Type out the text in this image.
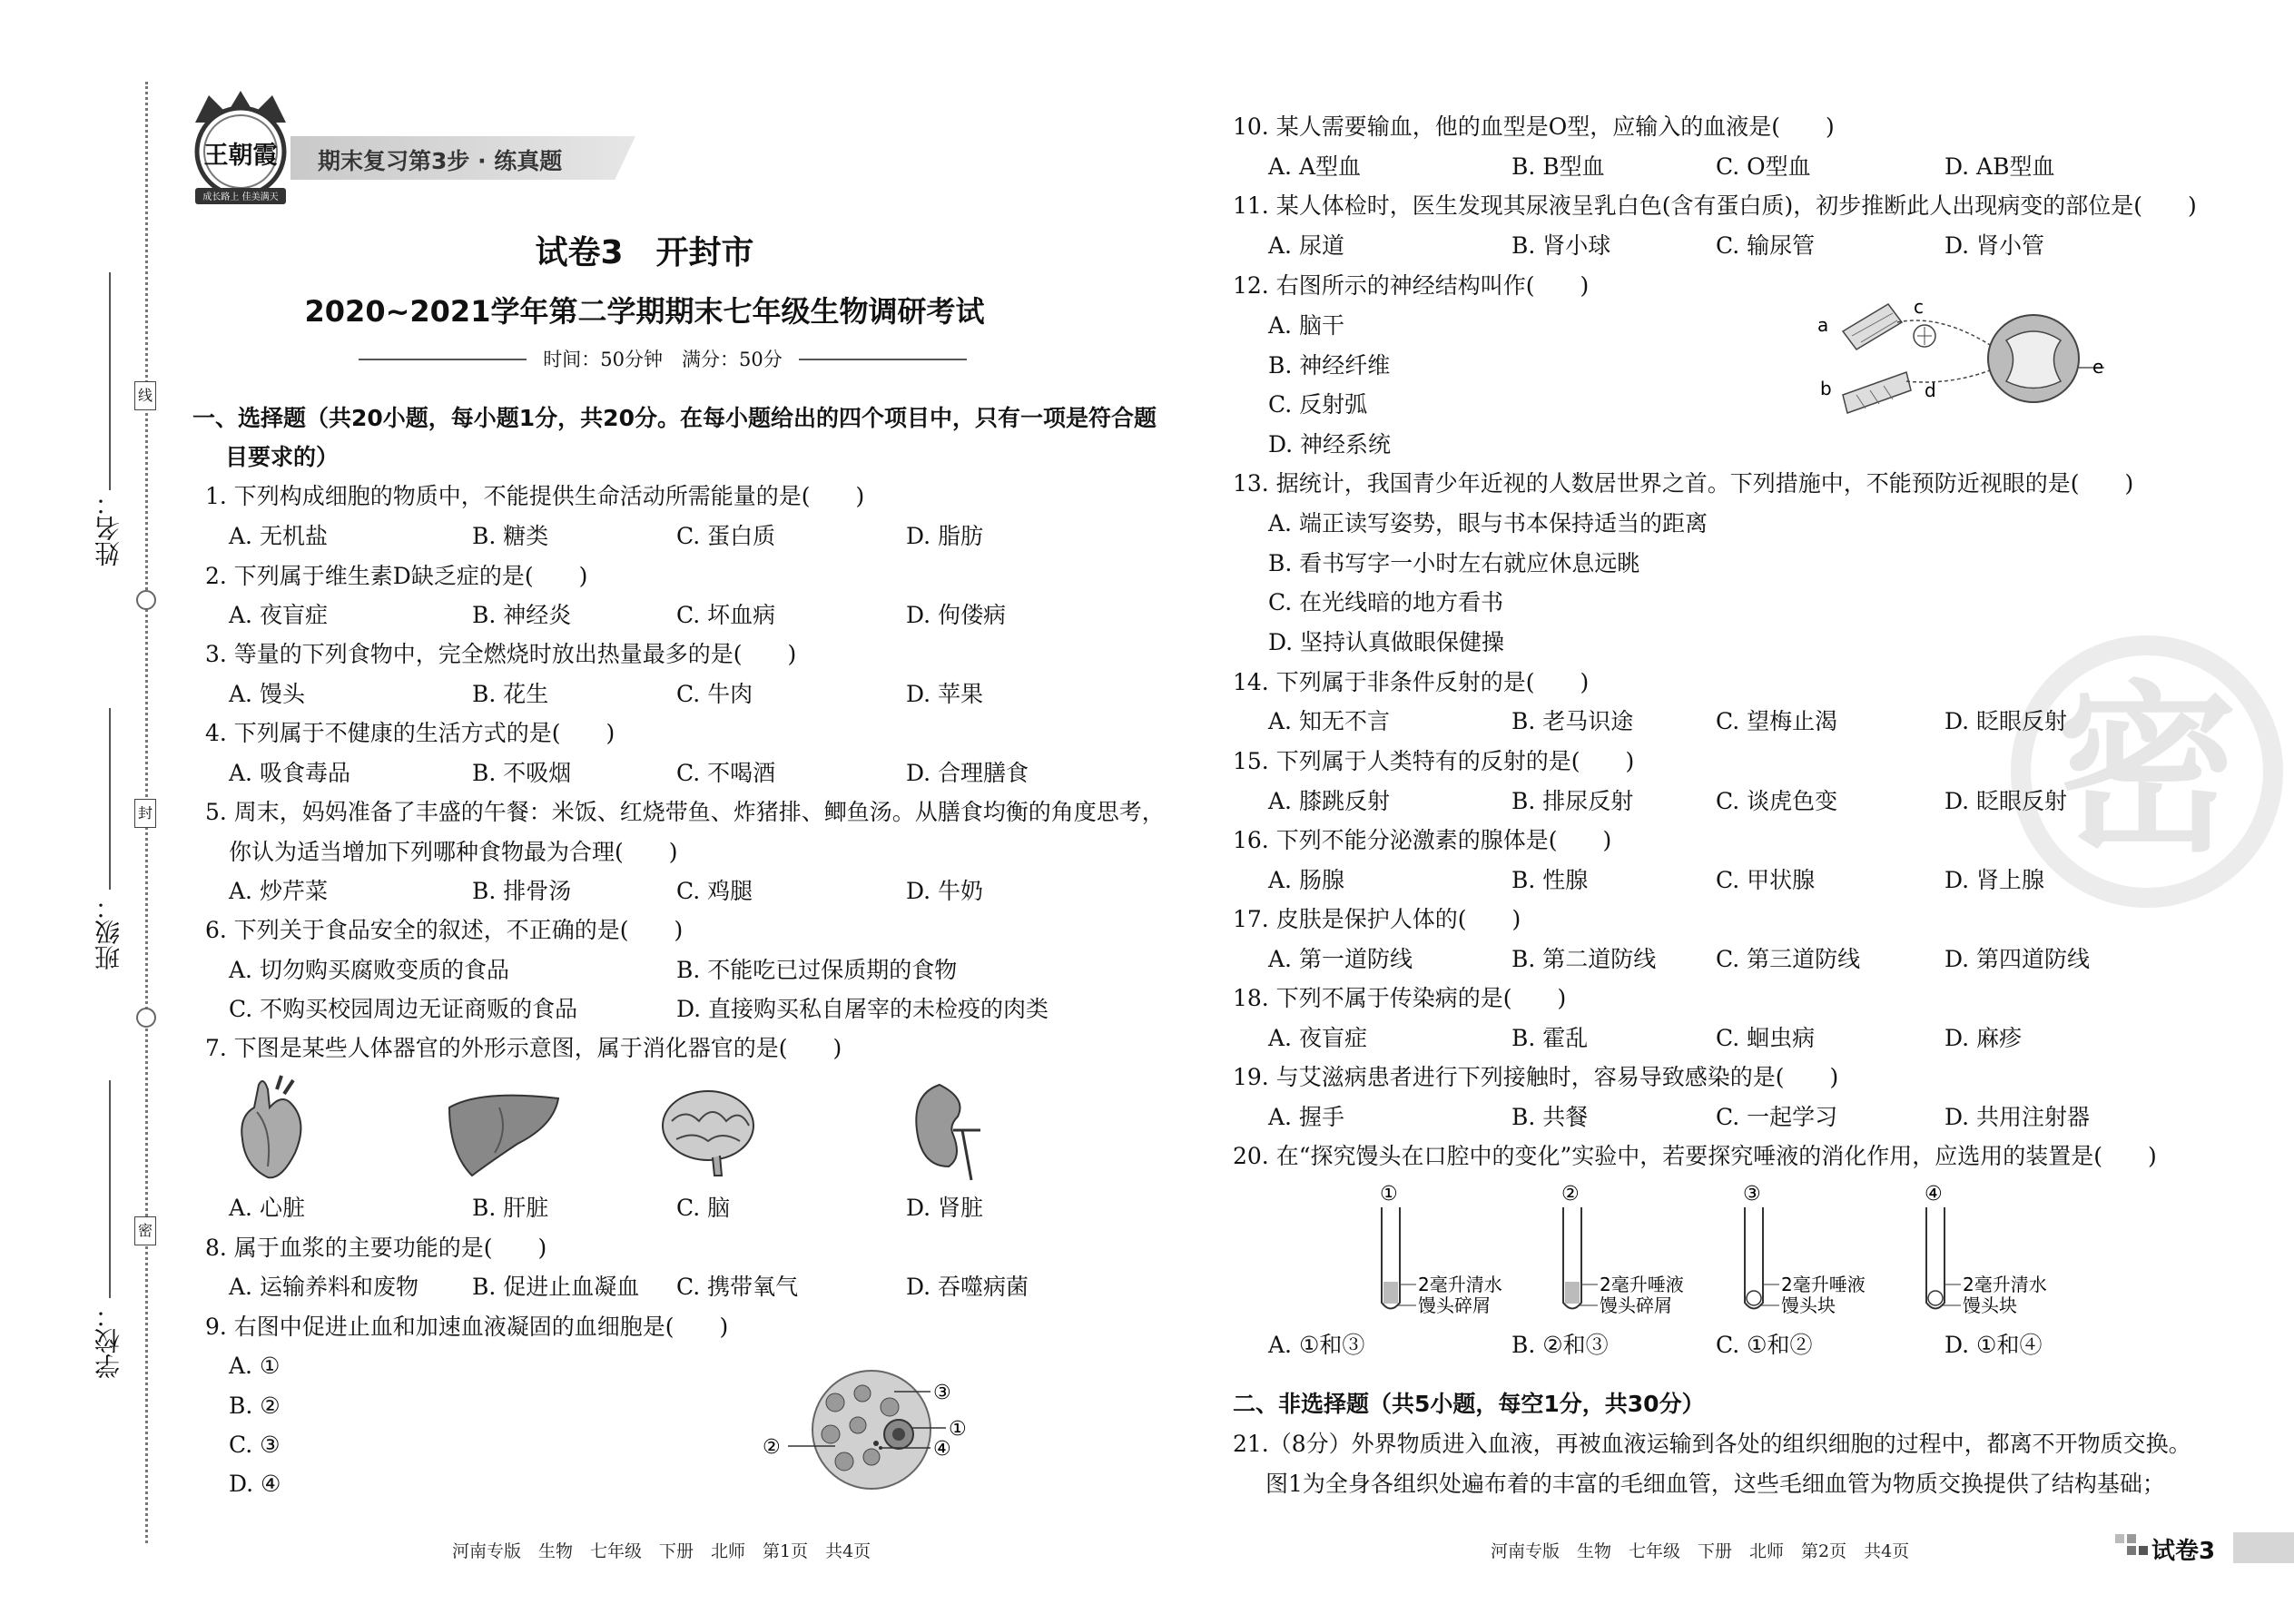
姓名：
班级：
学校：
线
封
密
王朝霞
成长路上 佳美满天
期末复习第3步 · 练真题
试卷3　开封市
2020~2021学年第二学期期末七年级生物调研考试
时间：50分钟　满分：50分
一、选择题（共20小题，每小题1分，共20分。在每小题给出的四个项目中，只有一项是符合题
目要求的）
1. 下列构成细胞的物质中，不能提供生命活动所需能量的是(　　)
A. 无机盐	B. 糖类	C. 蛋白质	D. 脂肪
2. 下列属于维生素D缺乏症的是(　　)
A. 夜盲症	B. 神经炎	C. 坏血病	D. 佝偻病
3. 等量的下列食物中，完全燃烧时放出热量最多的是(　　)
A. 馒头	B. 花生	C. 牛肉	D. 苹果
4. 下列属于不健康的生活方式的是(　　)
A. 吸食毒品	B. 不吸烟	C. 不喝酒	D. 合理膳食
5. 周末，妈妈准备了丰盛的午餐：米饭、红烧带鱼、炸猪排、鲫鱼汤。从膳食均衡的角度思考，
你认为适当增加下列哪种食物最为合理(　　)
A. 炒芹菜	B. 排骨汤	C. 鸡腿	D. 牛奶
6. 下列关于食品安全的叙述，不正确的是(　　)
A. 切勿购买腐败变质的食品	B. 不能吃已过保质期的食物
C. 不购买校园周边无证商贩的食品	D. 直接购买私自屠宰的未检疫的肉类
7. 下图是某些人体器官的外形示意图，属于消化器官的是(　　)
A. 心脏	B. 肝脏	C. 脑	D. 肾脏
8. 属于血浆的主要功能的是(　　)
A. 运输养料和废物 B. 促进止血凝血 C. 携带氧气	D. 吞噬病菌
9. 右图中促进止血和加速血液凝固的血细胞是(　　)
A. ①
B. ②
C. ③
D. ④
③
①
②	④
河南专版　生物　七年级　下册　北师　第1页　共4页
密
10. 某人需要输血，他的血型是O型，应输入的血液是(　　)
A. A型血	B. B型血	C. O型血	D. AB型血
11. 某人体检时，医生发现其尿液呈乳白色(含有蛋白质)，初步推断此人出现病变的部位是(　　)
A. 尿道	B. 肾小球	C. 输尿管	D. 肾小管
12. 右图所示的神经结构叫作(　　)
A. 脑干
B. 神经纤维
C. 反射弧
D. 神经系统
a
b
c
d
e
13. 据统计，我国青少年近视的人数居世界之首。下列措施中，不能预防近视眼的是(　　)
A. 端正读写姿势，眼与书本保持适当的距离
B. 看书写字一小时左右就应休息远眺
C. 在光线暗的地方看书
D. 坚持认真做眼保健操
14. 下列属于非条件反射的是(　　)
A. 知无不言	B. 老马识途	C. 望梅止渴	D. 眨眼反射
15. 下列属于人类特有的反射的是(　　)
A. 膝跳反射	B. 排尿反射	C. 谈虎色变	D. 眨眼反射
16. 下列不能分泌激素的腺体是(　　)
A. 肠腺	B. 性腺	C. 甲状腺	D. 肾上腺
17. 皮肤是保护人体的(　　)
A. 第一道防线	B. 第二道防线	C. 第三道防线	D. 第四道防线
18. 下列不属于传染病的是(　　)
A. 夜盲症	B. 霍乱	C. 蛔虫病	D. 麻疹
19. 与艾滋病患者进行下列接触时，容易导致感染的是(　　)
A. 握手	B. 共餐	C. 一起学习	D. 共用注射器
20. 在“探究馒头在口腔中的变化”实验中，若要探究唾液的消化作用，应选用的装置是(　　)
①
2毫升清水
馒头碎屑
②
2毫升唾液
馒头碎屑
③
2毫升唾液
馒头块
④
2毫升清水
馒头块
A. ①和③	B. ②和③	C. ①和②	D. ①和④
二、非选择题（共5小题，每空1分，共30分）
21.（8分）外界物质进入血液，再被血液运输到各处的组织细胞的过程中，都离不开物质交换。
图1为全身各组织处遍布着的丰富的毛细血管，这些毛细血管为物质交换提供了结构基础；
河南专版　生物　七年级　下册　北师　第2页　共4页	试卷3
